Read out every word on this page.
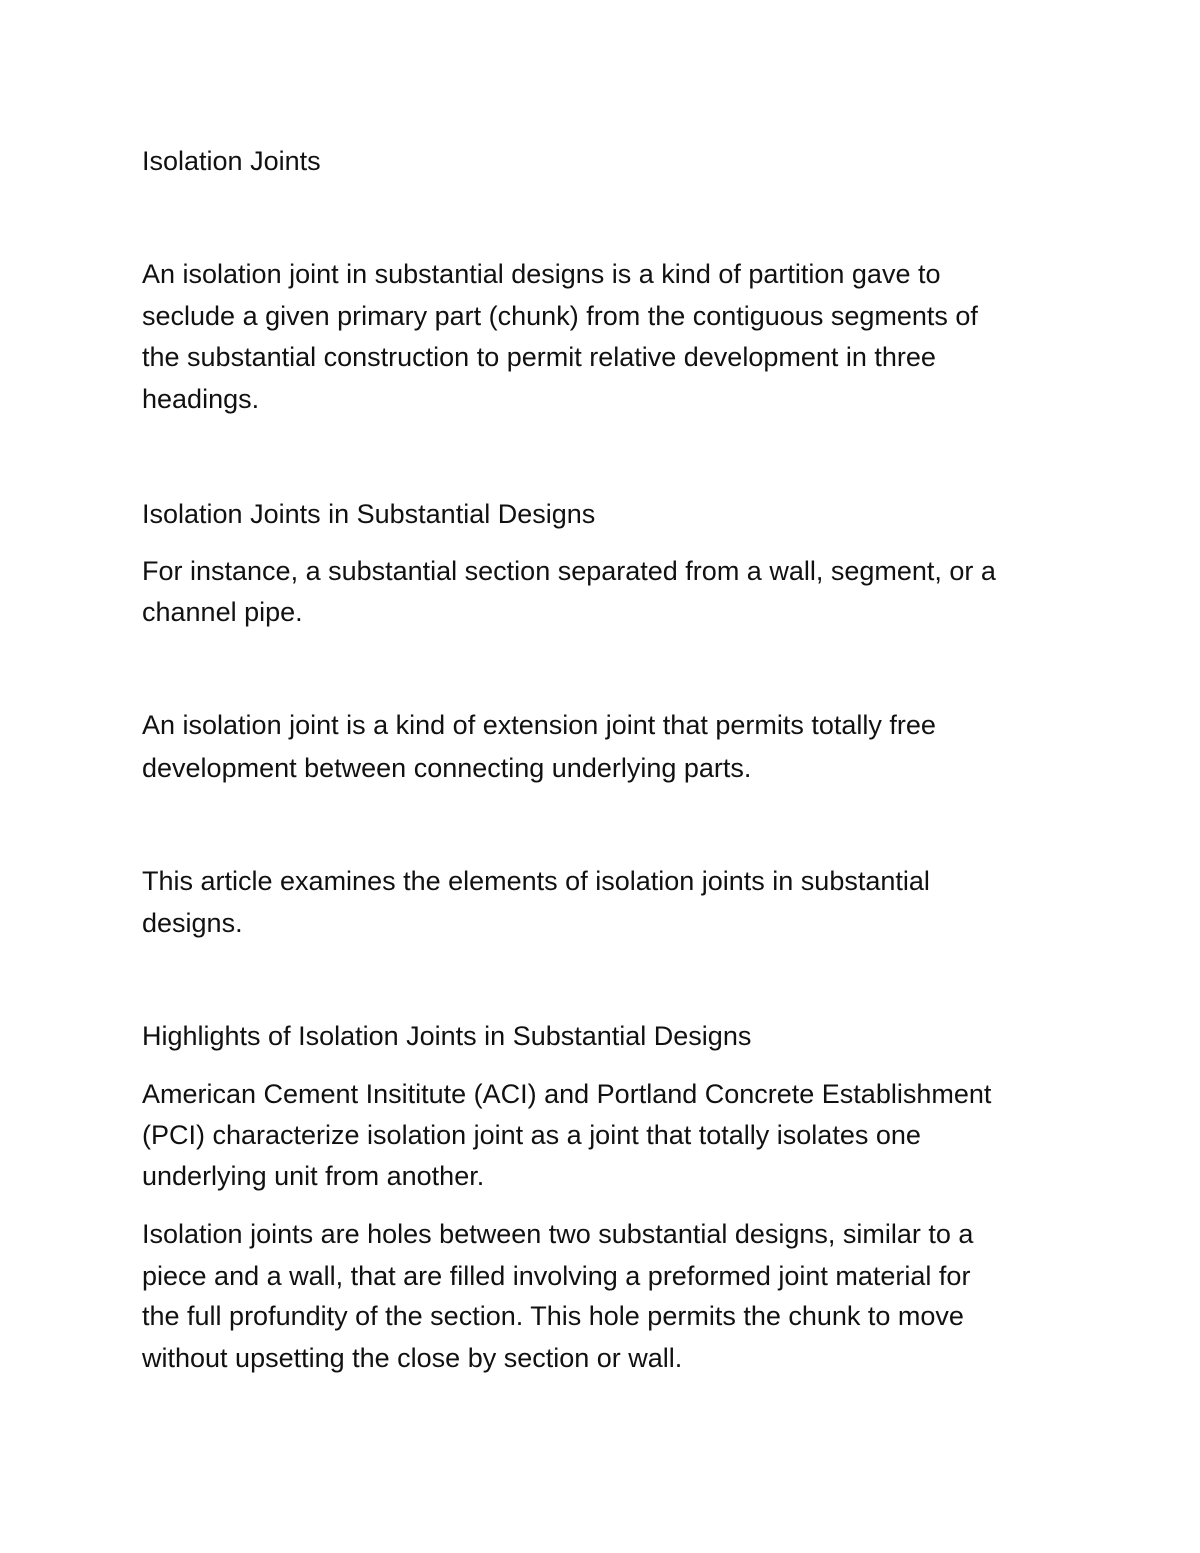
Isolation Joints

An isolation joint in substantial designs is a kind of partition gave to

seclude a given primary part (chunk) from the contiguous segments of

the substantial construction to permit relative development in three

headings.

Isolation Joints in Substantial Designs

For instance, a substantial section separated from a wall, segment, or a

channel pipe.

An isolation joint is a kind of extension joint that permits totally free

development between connecting underlying parts.

This article examines the elements of isolation joints in substantial

designs.

Highlights of Isolation Joints in Substantial Designs

American Cement Insititute (ACI) and Portland Concrete Establishment

(PCI) characterize isolation joint as a joint that totally isolates one

underlying unit from another.

Isolation joints are holes between two substantial designs, similar to a

piece and a wall, that are filled involving a preformed joint material for

the full profundity of the section. This hole permits the chunk to move

without upsetting the close by section or wall.
